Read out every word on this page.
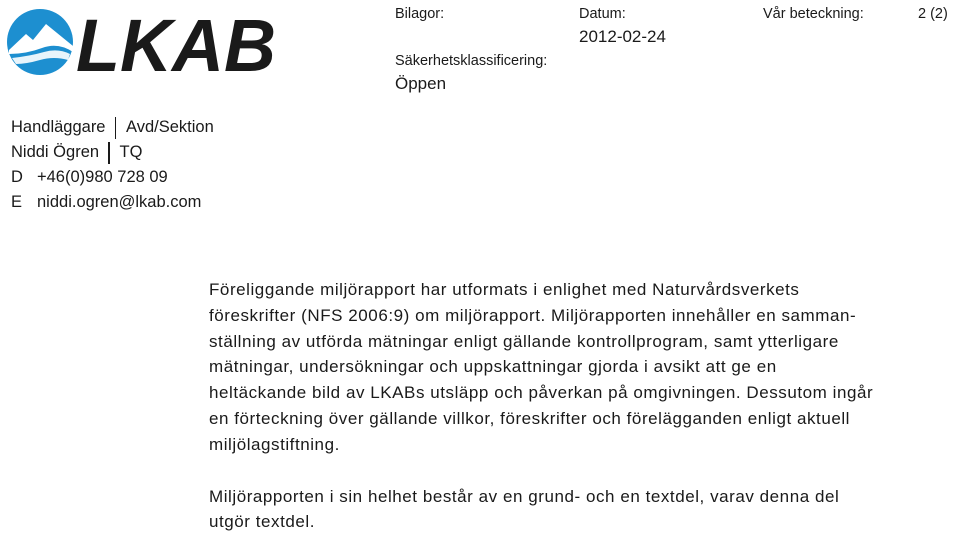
LKAB	Bilagor:	Datum:
2012-02-24
Vår beteckning:	2 (2)
Säkerhetsklassificering:
Öppen
Handläggare Avd/Sektion
Niddi Ögren TQ
D +46(0)980 728 09
E niddi.ogren@lkab.com

Föreliggande miljörapport har utformats i enlighet med Naturvårdsverkets

föreskrifter (NFS 2006:9) om miljörapport. Miljörapporten innehåller en samman-

ställning av utförda mätningar enligt gällande kontrollprogram, samt ytterligare

mätningar, undersökningar och uppskattningar gjorda i avsikt att ge en

heltäckande bild av LKABs utsläpp och påverkan på omgivningen. Dessutom ingår

en förteckning över gällande villkor, föreskrifter och förelägganden enligt aktuell

miljölagstiftning.

Miljörapporten i sin helhet består av en grund- och en textdel, varav denna del

utgör textdel.
